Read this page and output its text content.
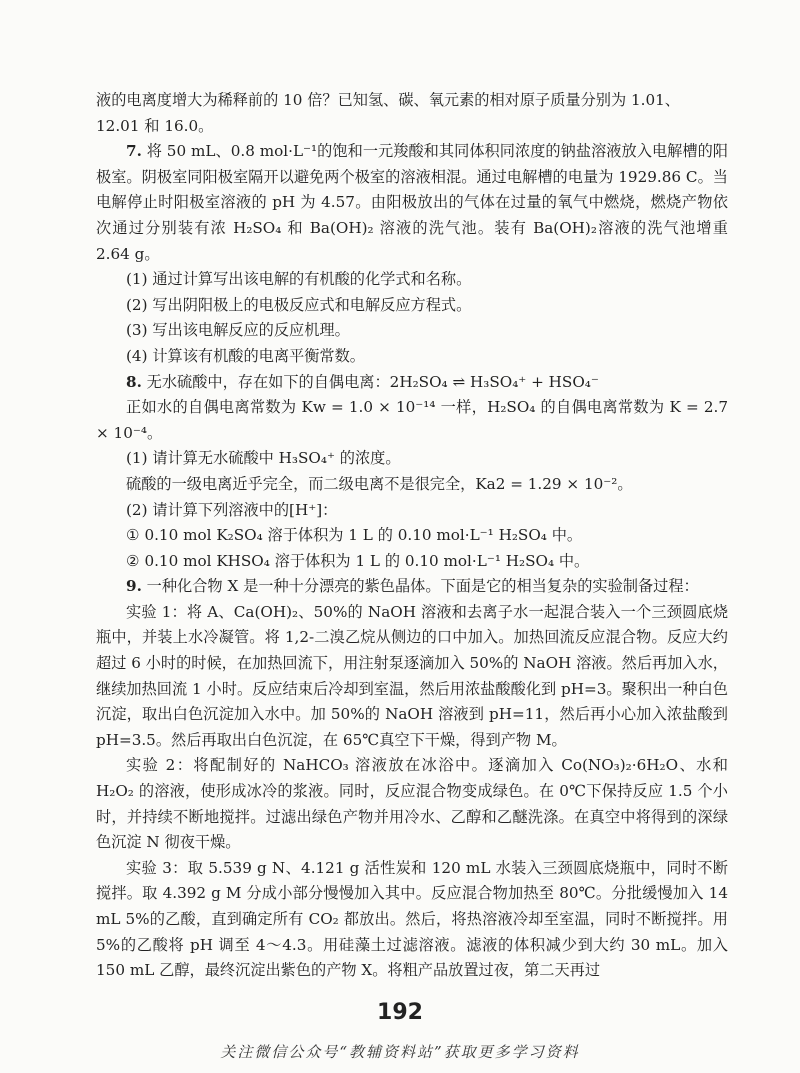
液的电离度增大为稀释前的 10 倍？已知氢、碳、氧元素的相对原子质量分别为 1.01、

12.01 和 16.0。

7. 将 50 mL、0.8 mol·L⁻¹的饱和一元羧酸和其同体积同浓度的钠盐溶液放入电解槽的阳极室。阴极室同阳极室隔开以避免两个极室的溶液相混。通过电解槽的电量为 1929.86 C。当电解停止时阳极室溶液的 pH 为 4.57。由阳极放出的气体在过量的氧气中燃烧，燃烧产物依次通过分别装有浓 H₂SO₄ 和 Ba(OH)₂ 溶液的洗气池。装有 Ba(OH)₂溶液的洗气池增重 2.64 g。

(1) 通过计算写出该电解的有机酸的化学式和名称。

(2) 写出阴阳极上的电极反应式和电解反应方程式。

(3) 写出该电解反应的反应机理。

(4) 计算该有机酸的电离平衡常数。

8. 无水硫酸中，存在如下的自偶电离：2H₂SO₄ ⇌ H₃SO₄⁺ + HSO₄⁻

正如水的自偶电离常数为 Kw = 1.0 × 10⁻¹⁴ 一样，H₂SO₄ 的自偶电离常数为 K = 2.7 × 10⁻⁴。

(1) 请计算无水硫酸中 H₃SO₄⁺ 的浓度。

硫酸的一级电离近乎完全，而二级电离不是很完全，Ka2 = 1.29 × 10⁻²。

(2) 请计算下列溶液中的[H⁺]：

① 0.10 mol K₂SO₄ 溶于体积为 1 L 的 0.10 mol·L⁻¹ H₂SO₄ 中。

② 0.10 mol KHSO₄ 溶于体积为 1 L 的 0.10 mol·L⁻¹ H₂SO₄ 中。

9. 一种化合物 X 是一种十分漂亮的紫色晶体。下面是它的相当复杂的实验制备过程：

实验 1：将 A、Ca(OH)₂、50%的 NaOH 溶液和去离子水一起混合装入一个三颈圆底烧瓶中，并装上水冷凝管。将 1,2-二溴乙烷从侧边的口中加入。加热回流反应混合物。反应大约超过 6 小时的时候，在加热回流下，用注射泵逐滴加入 50%的 NaOH 溶液。然后再加入水，继续加热回流 1 小时。反应结束后冷却到室温，然后用浓盐酸酸化到 pH=3。聚积出一种白色沉淀，取出白色沉淀加入水中。加 50%的 NaOH 溶液到 pH=11，然后再小心加入浓盐酸到 pH=3.5。然后再取出白色沉淀，在 65℃真空下干燥，得到产物 M。

实验 2：将配制好的 NaHCO₃ 溶液放在冰浴中。逐滴加入 Co(NO₃)₂·6H₂O、水和 H₂O₂ 的溶液，使形成冰冷的浆液。同时，反应混合物变成绿色。在 0℃下保持反应 1.5 个小时，并持续不断地搅拌。过滤出绿色产物并用冷水、乙醇和乙醚洗涤。在真空中将得到的深绿色沉淀 N 彻夜干燥。

实验 3：取 5.539 g N、4.121 g 活性炭和 120 mL 水装入三颈圆底烧瓶中，同时不断搅拌。取 4.392 g M 分成小部分慢慢加入其中。反应混合物加热至 80℃。分批缓慢加入 14 mL 5%的乙酸，直到确定所有 CO₂ 都放出。然后，将热溶液冷却至室温，同时不断搅拌。用 5%的乙酸将 pH 调至 4～4.3。用硅藻土过滤溶液。滤液的体积减少到大约 30 mL。加入 150 mL 乙醇，最终沉淀出紫色的产物 X。将粗产品放置过夜，第二天再过

192
关注微信公众号“教辅资料站”获取更多学习资料
